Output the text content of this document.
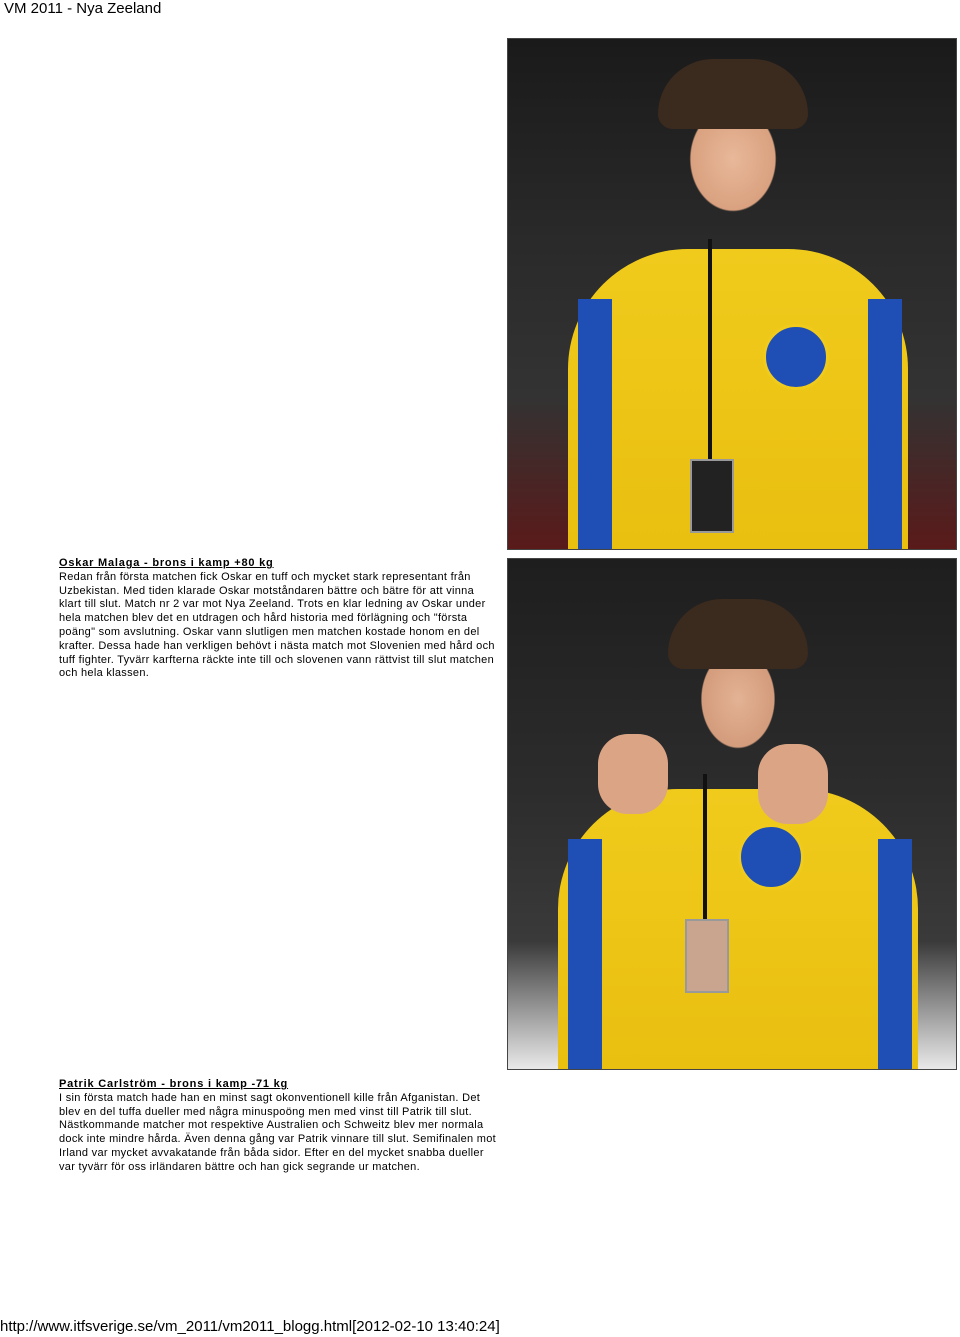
VM 2011 - Nya Zeeland
Oskar Malaga - brons i kamp +80 kg

Redan från första matchen fick Oskar en tuff och mycket stark representant från Uzbekistan. Med tiden klarade Oskar motståndaren bättre och bätre för att vinna klart till slut. Match nr 2 var mot Nya Zeeland. Trots en klar ledning av Oskar under hela matchen blev det en utdragen och hård historia med förlägning och "första poäng" som avslutning. Oskar vann slutligen men matchen kostade honom en del krafter. Dessa hade han verkligen behövt i nästa match mot Slovenien med hård och tuff fighter. Tyvärr karfterna räckte inte till och slovenen vann rättvist till slut matchen och hela klassen.

Patrik Carlström - brons i kamp -71 kg

I sin första match hade han en minst sagt okonventionell kille från Afganistan. Det blev en del tuffa dueller med några minuspoöng men med vinst till Patrik till slut. Nästkommande matcher mot respektive Australien och Schweitz blev mer normala dock inte mindre hårda. Även denna gång var Patrik vinnare till slut. Semifinalen mot Irland var mycket avvakatande från båda sidor. Efter en del mycket snabba dueller var tyvärr för oss irländaren bättre och han gick segrande ur matchen.

http://www.itfsverige.se/vm_2011/vm2011_blogg.html[2012-02-10 13:40:24]
